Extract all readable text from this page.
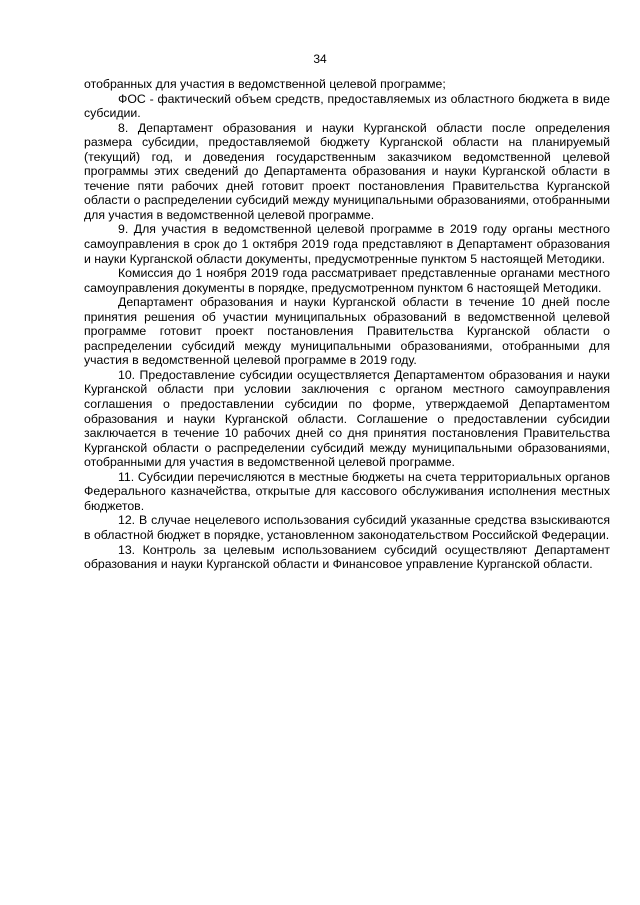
34

отобранных для участия в ведомственной целевой программе;

ФОС - фактический объем средств, предоставляемых из областного бюджета в виде субсидии.

8. Департамент образования и науки Курганской области после определения размера субсидии, предоставляемой бюджету Курганской области на планируемый (текущий) год, и доведения государственным заказчиком ведомственной целевой программы этих сведений до Департамента образования и науки Курганской области в течение пяти рабочих дней готовит проект постановления Правительства Курганской области о распределении субсидий между муниципальными образованиями, отобранными для участия в ведомственной целевой программе.

9. Для участия в ведомственной целевой программе в 2019 году органы местного самоуправления в срок до 1 октября 2019 года представляют в Департамент образования и науки Курганской области документы, предусмотренные пунктом 5 настоящей Методики.

Комиссия до 1 ноября 2019 года рассматривает представленные органами местного самоуправления документы в порядке, предусмотренном пунктом 6 настоящей Методики.

Департамент образования и науки Курганской области в течение 10 дней после принятия решения об участии муниципальных образований в ведомственной целевой программе готовит проект постановления Правительства Курганской области о распределении субсидий между муниципальными образованиями, отобранными для участия в ведомственной целевой программе в 2019 году.

10. Предоставление субсидии осуществляется Департаментом образования и науки Курганской области при условии заключения с органом местного самоуправления соглашения о предоставлении субсидии по форме, утверждаемой Департаментом образования и науки Курганской области. Соглашение о предоставлении субсидии заключается в течение 10 рабочих дней со дня принятия постановления Правительства Курганской области о распределении субсидий между муниципальными образованиями, отобранными для участия в ведомственной целевой программе.

11. Субсидии перечисляются в местные бюджеты на счета территориальных органов Федерального казначейства, открытые для кассового обслуживания исполнения местных бюджетов.

12. В случае нецелевого использования субсидий указанные средства взыскиваются в областной бюджет в порядке, установленном законодательством Российской Федерации.

13. Контроль за целевым использованием субсидий осуществляют Департамент образования и науки Курганской области и Финансовое управление Курганской области.
